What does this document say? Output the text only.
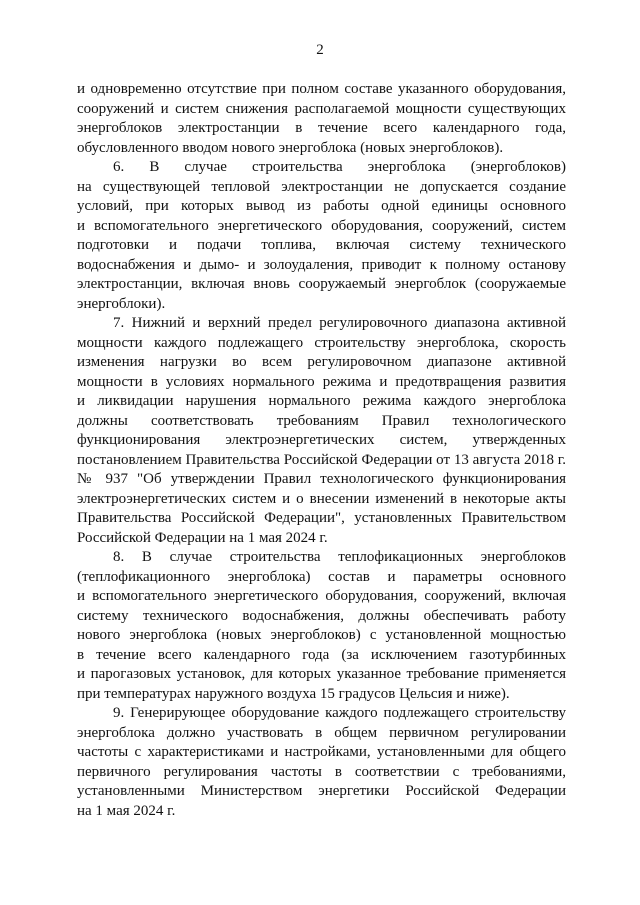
2

и одновременно отсутствие при полном составе указанного оборудования,
сооружений и систем снижения располагаемой мощности существующих
энергоблоков электростанции в течение всего календарного года,
обусловленного вводом нового энергоблока (новых энергоблоков).

6. В случае строительства энергоблока (энергоблоков)
на существующей тепловой электростанции не допускается создание
условий, при которых вывод из работы одной единицы основного
и вспомогательного энергетического оборудования, сооружений, систем
подготовки и подачи топлива, включая систему технического
водоснабжения и дымо- и золоудаления, приводит к полному останову
электростанции, включая вновь сооружаемый энергоблок (сооружаемые
энергоблоки).

7. Нижний и верхний предел регулировочного диапазона активной
мощности каждого подлежащего строительству энергоблока, скорость
изменения нагрузки во всем регулировочном диапазоне активной
мощности в условиях нормального режима и предотвращения развития
и ликвидации нарушения нормального режима каждого энергоблока
должны соответствовать требованиям Правил технологического
функционирования электроэнергетических систем, утвержденных
постановлением Правительства Российской Федерации от 13 августа 2018 г.
№ 937 "Об утверждении Правил технологического функционирования
электроэнергетических систем и о внесении изменений в некоторые акты
Правительства Российской Федерации", установленных Правительством
Российской Федерации на 1 мая 2024 г.

8. В случае строительства теплофикационных энергоблоков
(теплофикационного энергоблока) состав и параметры основного
и вспомогательного энергетического оборудования, сооружений, включая
систему технического водоснабжения, должны обеспечивать работу
нового энергоблока (новых энергоблоков) с установленной мощностью
в течение всего календарного года (за исключением газотурбинных
и парогазовых установок, для которых указанное требование применяется
при температурах наружного воздуха 15 градусов Цельсия и ниже).

9. Генерирующее оборудование каждого подлежащего строительству
энергоблока должно участвовать в общем первичном регулировании
частоты с характеристиками и настройками, установленными для общего
первичного регулирования частоты в соответствии с требованиями,
установленными Министерством энергетики Российской Федерации
на 1 мая 2024 г.
